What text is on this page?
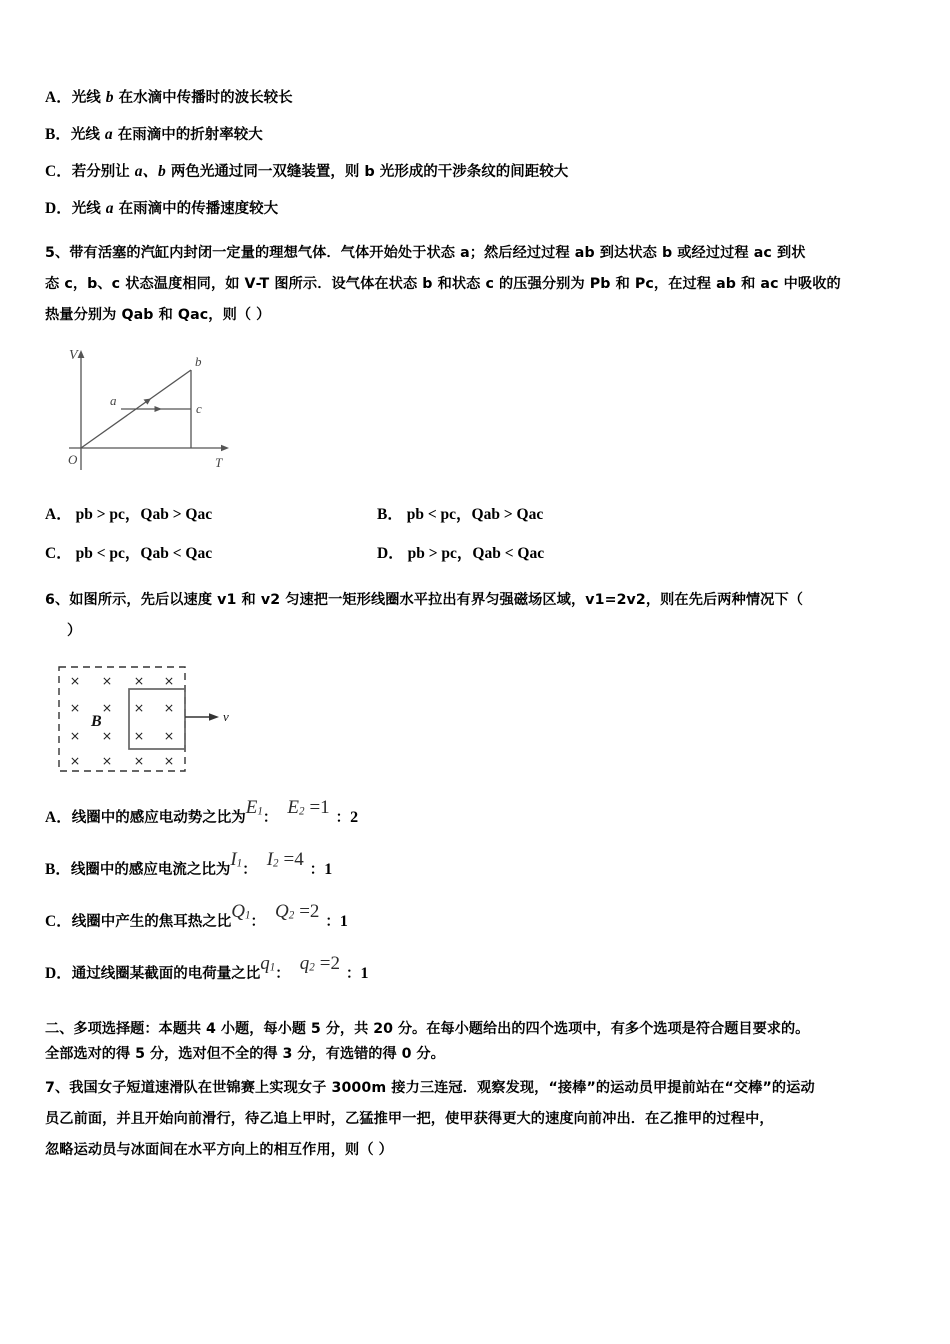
A．光线 b 在水滴中传播时的波长较长
B．光线 a 在雨滴中的折射率较大
C．若分别让 a、b 两色光通过同一双缝装置，则 b 光形成的干涉条纹的间距较大
D．光线 a 在雨滴中的传播速度较大

5、带有活塞的汽缸内封闭一定量的理想气体．气体开始处于状态 a；然后经过过程 ab 到达状态 b 或经过过程 ac 到状

态 c，b、c 状态温度相同，如 V‐T 图所示．设气体在状态 b 和状态 c 的压强分别为 Pb 和 Pc，在过程 ab 和 ac 中吸收的

热量分别为 Qab 和 Qac，则（ ）

V
T
O
a
b
c
A． pb > pc，Qab > Qac	B． pb < pc，Qab > Qac
C． pb < pc，Qab < Qac	D． pb > pc，Qab < Qac

6、如图所示，先后以速度 v1 和 v2 匀速把一矩形线圈水平拉出有界匀强磁场区域，v1=2v2，则在先后两种情况下（

）

× × × ×
× × × ×
× × × ×
× × × ×
B	v
A．线圈中的感应电动势之比为$E_1$： $E_2 =1$ ：2
B．线圈中的感应电流之比为$I_1$： $I_2 =4$ ：1
C．线圈中产生的焦耳热之比$Q_1$： $Q_2 =2$ ：1
D．通过线圈某截面的电荷量之比$q_1$： $q_2 =2$ ：1

二、多项选择题：本题共 4 小题，每小题 5 分，共 20 分。在每小题给出的四个选项中，有多个选项是符合题目要求的。

全部选对的得 5 分，选对但不全的得 3 分，有选错的得 0 分。

7、我国女子短道速滑队在世锦赛上实现女子 3000m 接力三连冠．观察发现，“接棒”的运动员甲提前站在“交棒”的运动

员乙前面，并且开始向前滑行，待乙追上甲时，乙猛推甲一把，使甲获得更大的速度向前冲出．在乙推甲的过程中，

忽略运动员与冰面间在水平方向上的相互作用，则（ ）
